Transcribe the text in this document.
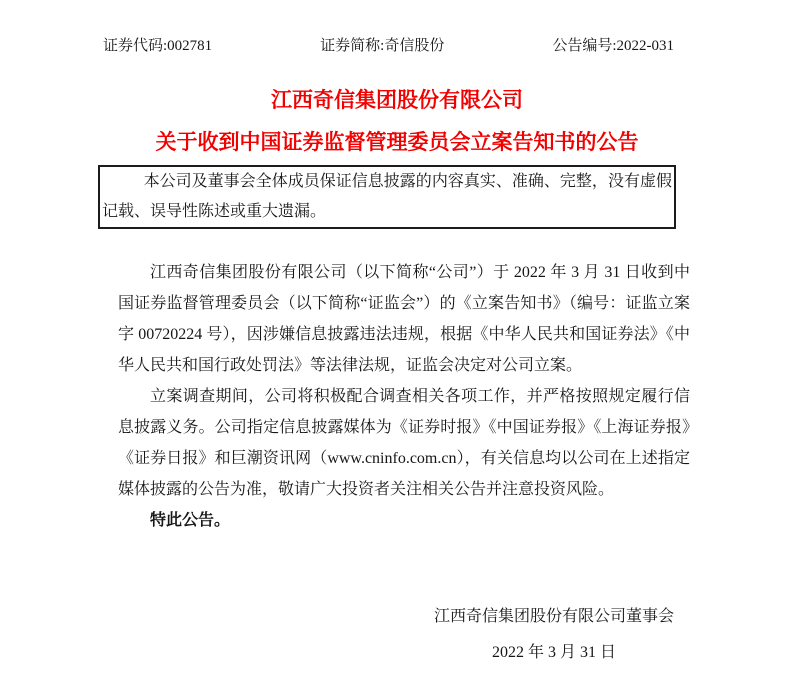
证券代码:002781	证券简称:奇信股份	公告编号:2022-031
江西奇信集团股份有限公司
关于收到中国证券监督管理委员会立案告知书的公告

本公司及董事会全体成员保证信息披露的内容真实、准确、完整，没有虚假记载、误导性陈述或重大遗漏。

江西奇信集团股份有限公司（以下简称“公司”）于 2022 年 3 月 31 日收到中国证券监督管理委员会（以下简称“证监会”）的《立案告知书》（编号：证监立案字 00720224 号），因涉嫌信息披露违法违规，根据《中华人民共和国证券法》《中华人民共和国行政处罚法》等法律法规，证监会决定对公司立案。

立案调查期间，公司将积极配合调查相关各项工作，并严格按照规定履行信息披露义务。公司指定信息披露媒体为《证券时报》《中国证券报》《上海证券报》《证券日报》和巨潮资讯网（www.cninfo.com.cn），有关信息均以公司在上述指定媒体披露的公告为准，敬请广大投资者关注相关公告并注意投资风险。

特此公告。

江西奇信集团股份有限公司董事会
2022 年 3 月 31 日
